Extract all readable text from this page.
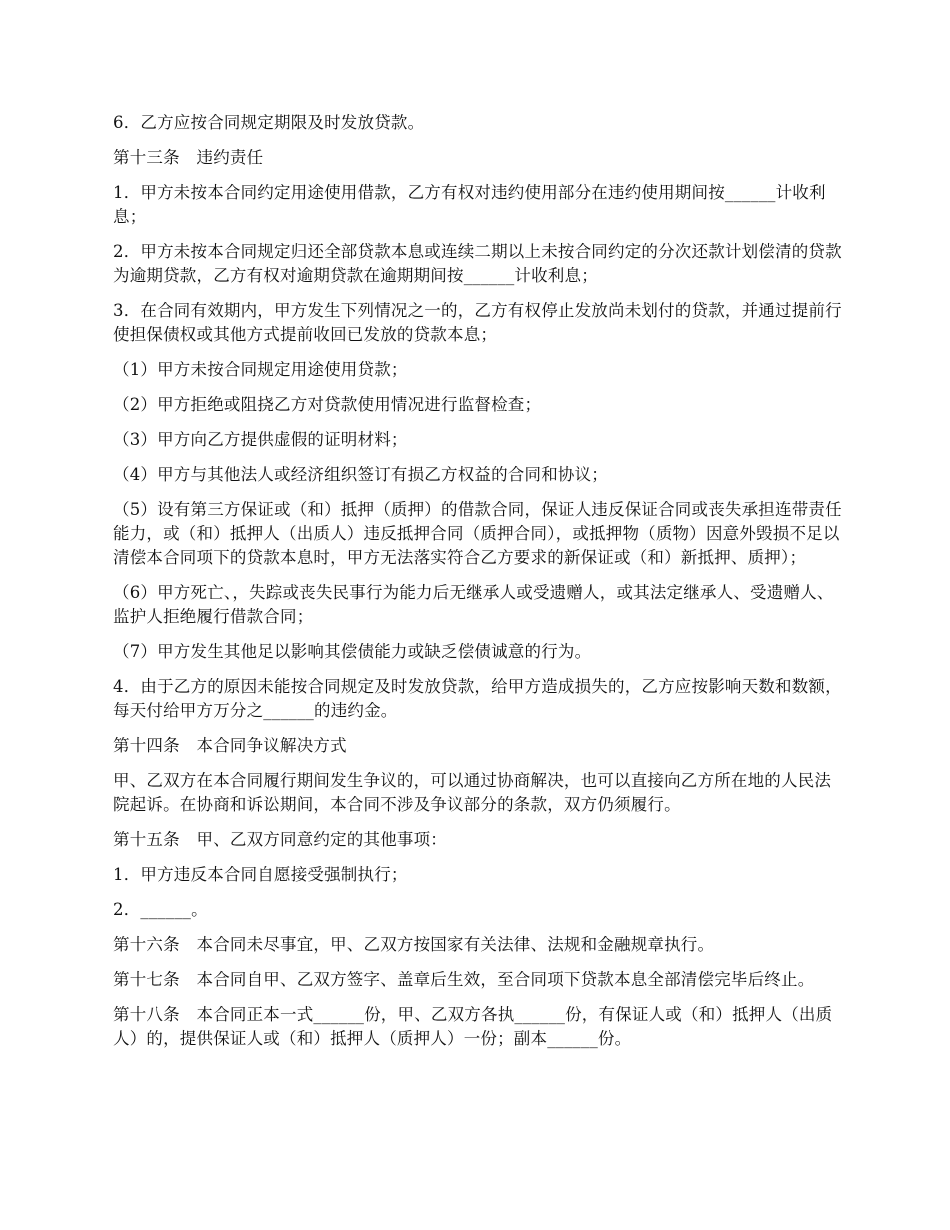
6．乙方应按合同规定期限及时发放贷款。

第十三条　违约责任

1．甲方未按本合同约定用途使用借款，乙方有权对违约使用部分在违约使用期间按______计收利息；

2．甲方未按本合同规定归还全部贷款本息或连续二期以上未按合同约定的分次还款计划偿清的贷款为逾期贷款，乙方有权对逾期贷款在逾期期间按______计收利息；

3．在合同有效期内，甲方发生下列情况之一的，乙方有权停止发放尚未划付的贷款，并通过提前行使担保债权或其他方式提前收回已发放的贷款本息；

（1）甲方未按合同规定用途使用贷款；

（2）甲方拒绝或阻挠乙方对贷款使用情况进行监督检查；

（3）甲方向乙方提供虚假的证明材料；

（4）甲方与其他法人或经济组织签订有损乙方权益的合同和协议；

（5）设有第三方保证或（和）抵押（质押）的借款合同，保证人违反保证合同或丧失承担连带责任能力，或（和）抵押人（出质人）违反抵押合同（质押合同），或抵押物（质物）因意外毁损不足以清偿本合同项下的贷款本息时，甲方无法落实符合乙方要求的新保证或（和）新抵押、质押）；

（6）甲方死亡、，失踪或丧失民事行为能力后无继承人或受遗赠人，或其法定继承人、受遗赠人、监护人拒绝履行借款合同；

（7）甲方发生其他足以影响其偿债能力或缺乏偿债诚意的行为。

4．由于乙方的原因未能按合同规定及时发放贷款，给甲方造成损失的，乙方应按影响天数和数额，每天付给甲方万分之______的违约金。

第十四条　本合同争议解决方式

甲、乙双方在本合同履行期间发生争议的，可以通过协商解决，也可以直接向乙方所在地的人民法院起诉。在协商和诉讼期间，本合同不涉及争议部分的条款，双方仍须履行。

第十五条　甲、乙双方同意约定的其他事项：

1．甲方违反本合同自愿接受强制执行；

2．______。

第十六条　本合同未尽事宜，甲、乙双方按国家有关法律、法规和金融规章执行。

第十七条　本合同自甲、乙双方签字、盖章后生效，至合同项下贷款本息全部清偿完毕后终止。

第十八条　本合同正本一式______份，甲、乙双方各执______份，有保证人或（和）抵押人（出质人）的，提供保证人或（和）抵押人（质押人）一份；副本______份。
